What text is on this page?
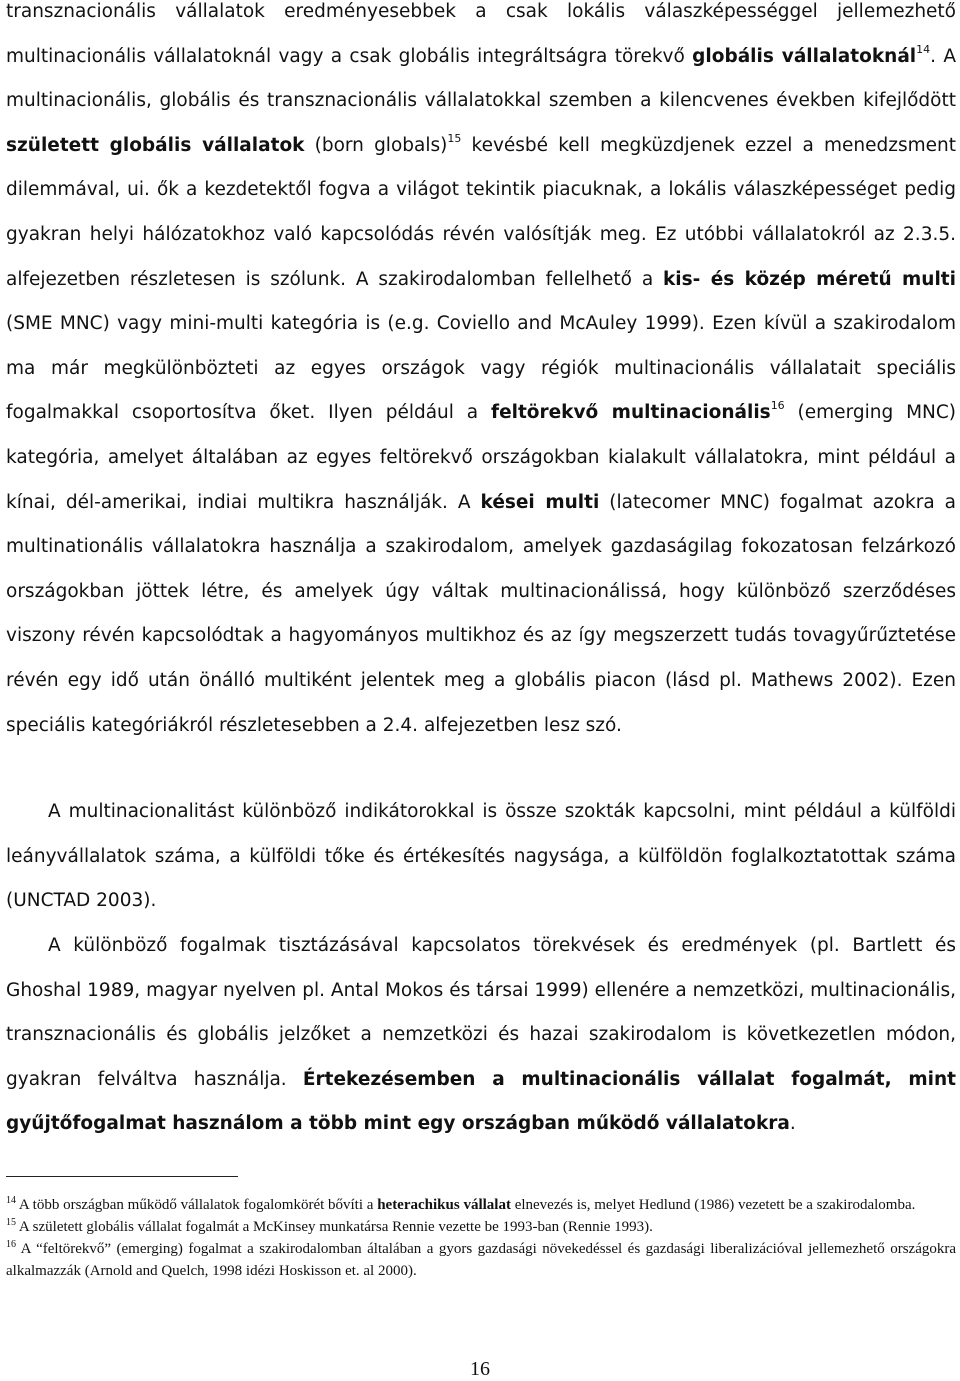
transznacionális vállalatok eredményesebbek a csak lokális válaszképességgel jellemezhető multinacionális vállalatoknál vagy a csak globális integráltságra törekvő globális vállalatoknál$^{14}$. A multinacionális, globális és transznacionális vállalatokkal szemben a kilencvenes években kifejlődött született globális vállalatok (born globals)$^{15}$ kevésbé kell megküzdjenek ezzel a menedzsment dilemmával, ui. ők a kezdetektől fogva a világot tekintik piacuknak, a lokális válaszképességet pedig gyakran helyi hálózatokhoz való kapcsolódás révén valósítják meg. Ez utóbbi vállalatokról az 2.3.5. alfejezetben részletesen is szólunk. A szakirodalomban fellelhető a kis- és közép méretű multi (SME MNC) vagy mini-multi kategória is (e.g. Coviello and McAuley 1999). Ezen kívül a szakirodalom ma már megkülönbözteti az egyes országok vagy régiók multinacionális vállalatait speciális fogalmakkal csoportosítva őket. Ilyen például a feltörekvő multinacionális$^{16}$ (emerging MNC) kategória, amelyet általában az egyes feltörekvő országokban kialakult vállalatokra, mint például a kínai, dél-amerikai, indiai multikra használják. A kései multi (latecomer MNC) fogalmat azokra a multinationális vállalatokra használja a szakirodalom, amelyek gazdaságilag fokozatosan felzárkozó országokban jöttek létre, és amelyek úgy váltak multinacionálissá, hogy különböző szerződéses viszony révén kapcsolódtak a hagyományos multikhoz és az így megszerzett tudás tovagyűrűztetése révén egy idő után önálló multiként jelentek meg a globális piacon (lásd pl. Mathews 2002). Ezen speciális kategóriákról részletesebben a 2.4. alfejezetben lesz szó.

A multinacionalitást különböző indikátorokkal is össze szokták kapcsolni, mint például a külföldi leányvállalatok száma, a külföldi tőke és értékesítés nagysága, a külföldön foglalkoztatottak száma (UNCTAD 2003).

A különböző fogalmak tisztázásával kapcsolatos törekvések és eredmények (pl. Bartlett és Ghoshal 1989, magyar nyelven pl. Antal Mokos és társai 1999) ellenére a nemzetközi, multinacionális, transznacionális és globális jelzőket a nemzetközi és hazai szakirodalom is következetlen módon, gyakran felváltva használja. Értekezésemben a multinacionális vállalat fogalmát, mint gyűjtőfogalmat használom a több mint egy országban működő vállalatokra.

$^{14}$ A több országban működő vállalatok fogalomkörét bővíti a heterachikus vállalat elnevezés is, melyet Hedlund (1986) vezetett be a szakirodalomba.

$^{15}$ A született globális vállalat fogalmát a McKinsey munkatársa Rennie vezette be 1993-ban (Rennie 1993).

$^{16}$ A “feltörekvő” (emerging) fogalmat a szakirodalomban általában a gyors gazdasági növekedéssel és gazdasági liberalizációval jellemezhető országokra alkalmazzák (Arnold and Quelch, 1998 idézi Hoskisson et. al 2000).

16
